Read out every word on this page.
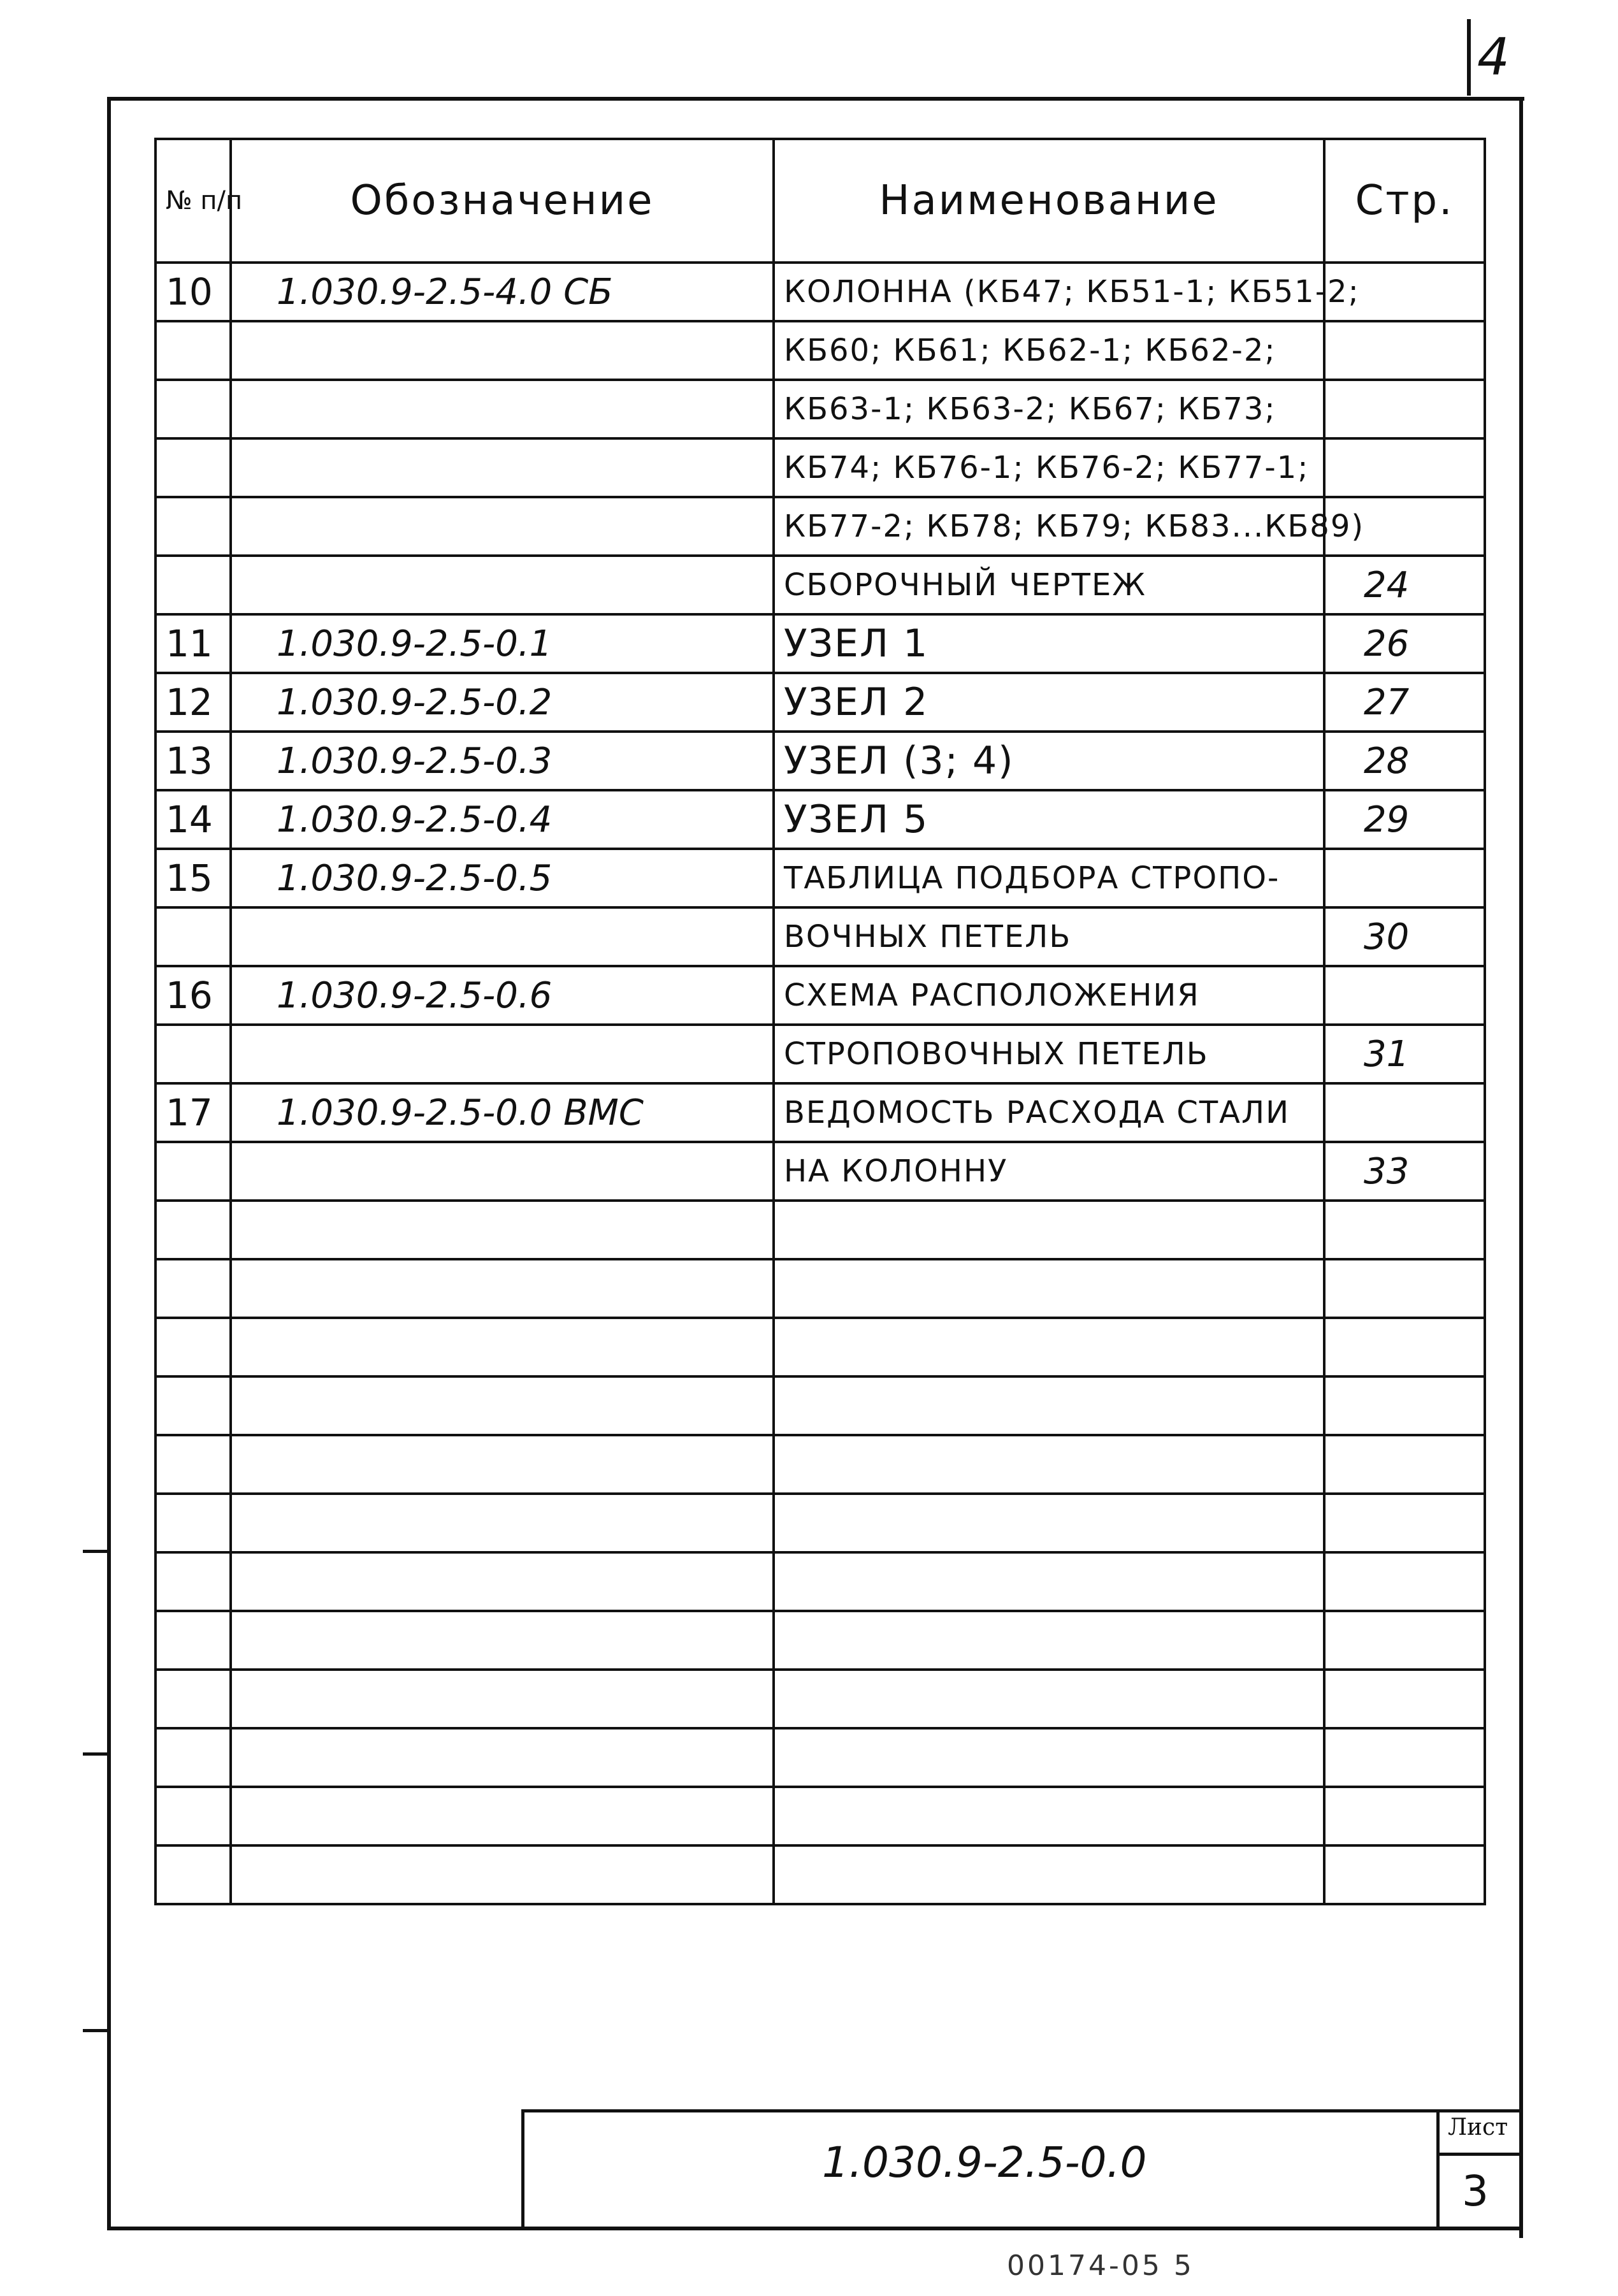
4
№ п/п	Обозначение	Наименование	Стр.
10	1.030.9-2.5-4.0 СБ	КОЛОННА (КБ47; КБ51-1; КБ51-2;	
		КБ60; КБ61; КБ62-1; КБ62-2;	
		КБ63-1; КБ63-2; КБ67; КБ73;	
		КБ74; КБ76-1; КБ76-2; КБ77-1;	
		КБ77-2; КБ78; КБ79; КБ83...КБ89)	
		СБОРОЧНЫЙ ЧЕРТЕЖ	24
11	1.030.9-2.5-0.1	УЗЕЛ 1	26
12	1.030.9-2.5-0.2	УЗЕЛ 2	27
13	1.030.9-2.5-0.3	УЗЕЛ (3; 4)	28
14	1.030.9-2.5-0.4	УЗЕЛ 5	29
15	1.030.9-2.5-0.5	ТАБЛИЦА ПОДБОРА СТРОПО-	
		ВОЧНЫХ ПЕТЕЛЬ	30
16	1.030.9-2.5-0.6	СХЕМА РАСПОЛОЖЕНИЯ	
		СТРОПОВОЧНЫХ ПЕТЕЛЬ	31
17	1.030.9-2.5-0.0 ВМС	ВЕДОМОСТЬ РАСХОДА СТАЛИ	
		НА КОЛОННУ	33

1.030.9-2.5-0.0
Лист
3
00174-05 5
